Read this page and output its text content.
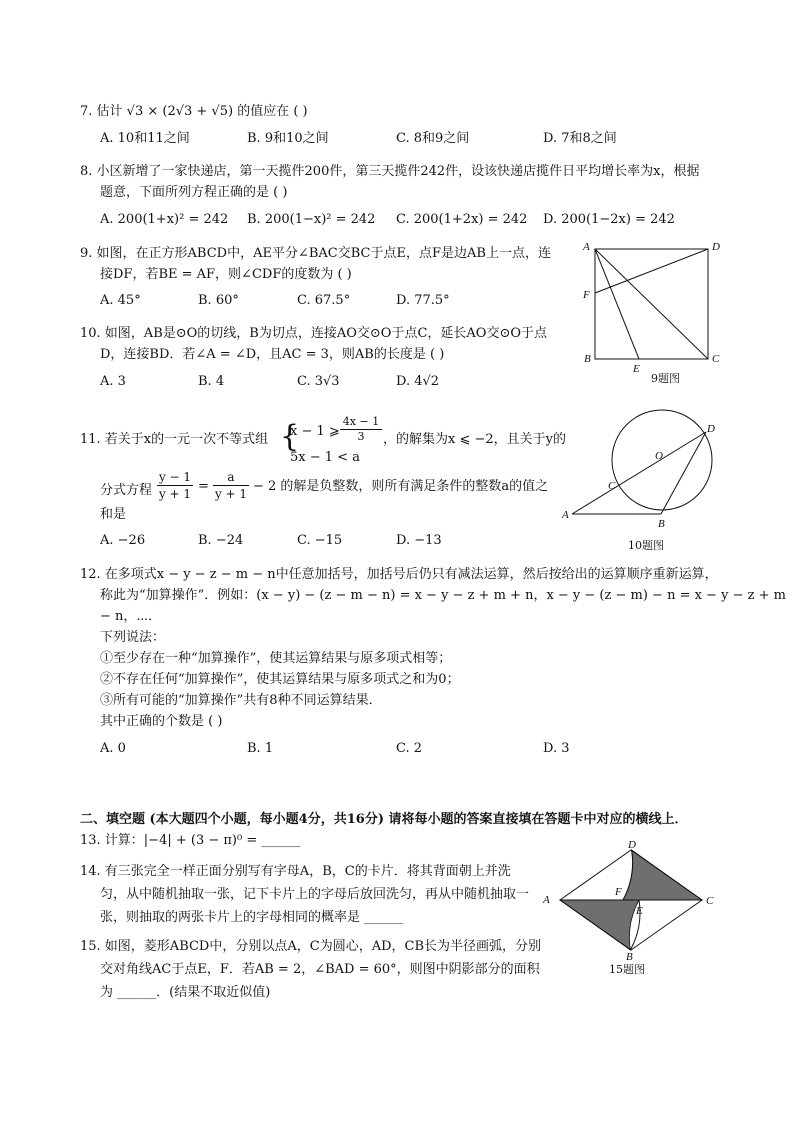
7. 估计 √3 × (2√3 + √5) 的值应在 ( )
A. 10和11之间	B. 9和10之间	C. 8和9之间	D. 7和8之间
8. 小区新增了一家快递店，第一天揽件200件，第三天揽件242件，设该快递店揽件日平均增长率为x，根据
题意，下面所列方程正确的是 ( )
A. 200(1+x)² = 242 B. 200(1−x)² = 242 C. 200(1+2x) = 242 D. 200(1−2x) = 242
9. 如图，在正方形ABCD中，AE平分∠BAC交BC于点E，点F是边AB上一点，连
接DF，若BE = AF，则∠CDF的度数为 ( )
A. 45°	B. 60°	C. 67.5°	D. 77.5°
10. 如图，AB是⊙O的切线，B为切点，连接AO交⊙O于点C，延长AO交⊙O于点
D，连接BD．若∠A = ∠D，且AC = 3，则AB的长度是 ( )
A. 3	B. 4	C. 3√3	D. 4√2
A	D
F
B
E
C
9题图
11. 若关于x的一元一次不等式组 {
x − 1 ⩾
4x − 1
3
5x − 1 < a
，的解集为x ⩽ −2，且关于y的
分式方程
y − 1
y + 1 =
a
y + 1 − 2 的解是负整数，则所有满足条件的整数a的值之
和是
A. −26	B. −24	C. −15	D. −13
D
O
C
A
B
10题图
12. 在多项式x − y − z − m − n中任意加括号，加括号后仍只有减法运算，然后按给出的运算顺序重新运算，
称此为“加算操作”．例如：(x − y) − (z − m − n) = x − y − z + m + n，x − y − (z − m) − n = x − y − z + m
− n，⋯．
下列说法：
①至少存在一种“加算操作”，使其运算结果与原多项式相等；
②不存在任何“加算操作”，使其运算结果与原多项式之和为0；
③所有可能的“加算操作”共有8种不同运算结果．
其中正确的个数是 ( )
A. 0	B. 1	C. 2	D. 3
二、填空题 (本大题四个小题，每小题4分，共16分) 请将每小题的答案直接填在答题卡中对应的横线上．
13. 计算：|−4| + (3 − π)⁰ = ______
14. 有三张完全一样正面分别写有字母A，B，C的卡片．将其背面朝上并洗
匀，从中随机抽取一张，记下卡片上的字母后放回洗匀，再从中随机抽取一
张，则抽取的两张卡片上的字母相同的概率是 ______
15. 如图，菱形ABCD中，分别以点A，C为圆心，AD，CB长为半径画弧，分别
交对角线AC于点E，F．若AB = 2，∠BAD = 60°，则图中阴影部分的面积
为 ______．(结果不取近似值)
D
A
F
E
C
B
15题图
